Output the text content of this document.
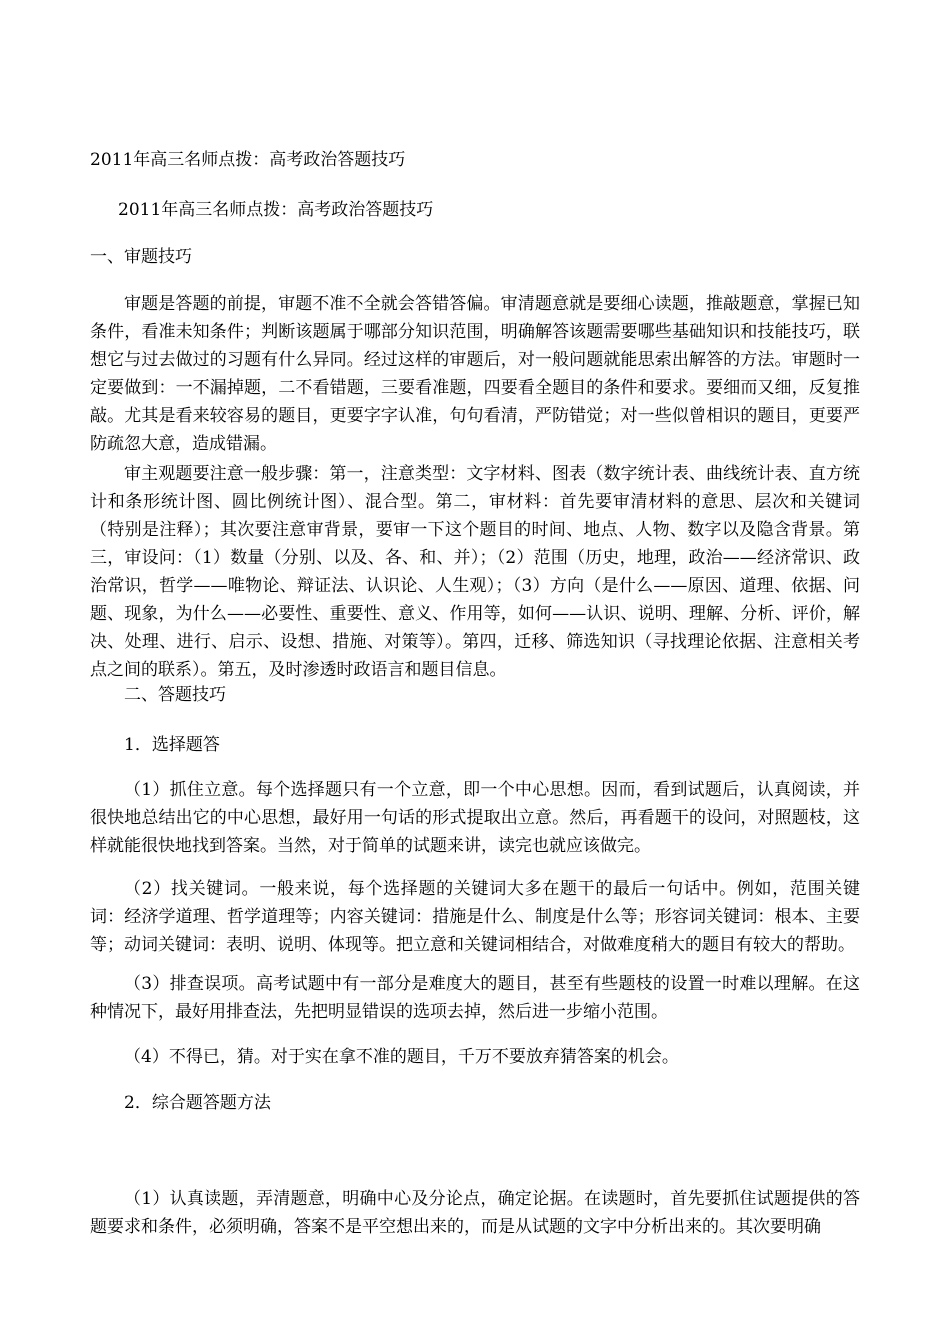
2011年高三名师点拨：高考政治答题技巧
2011年高三名师点拨：高考政治答题技巧
一、审题技巧
审题是答题的前提，审题不准不全就会答错答偏。审清题意就是要细心读题，推敲题意，掌握已知条件，看准未知条件；判断该题属于哪部分知识范围，明确解答该题需要哪些基础知识和技能技巧，联想它与过去做过的习题有什么异同。经过这样的审题后，对一般问题就能思索出解答的方法。审题时一定要做到：一不漏掉题，二不看错题，三要看准题，四要看全题目的条件和要求。要细而又细，反复推敲。尤其是看来较容易的题目，更要字字认准，句句看清，严防错觉；对一些似曾相识的题目，更要严防疏忽大意，造成错漏。
审主观题要注意一般步骤：第一，注意类型：文字材料、图表（数字统计表、曲线统计表、直方统计和条形统计图、圆比例统计图）、混合型。第二，审材料：首先要审清材料的意思、层次和关键词（特别是注释）；其次要注意审背景，要审一下这个题目的时间、地点、人物、数字以及隐含背景。第三，审设问：（1）数量（分别、以及、各、和、并）；（2）范围（历史，地理，政治——经济常识、政治常识，哲学——唯物论、辩证法、认识论、人生观）；（3）方向（是什么——原因、道理、依据、问题、现象，为什么——必要性、重要性、意义、作用等，如何——认识、说明、理解、分析、评价，解决、处理、进行、启示、设想、措施、对策等）。第四，迁移、筛选知识（寻找理论依据、注意相关考点之间的联系）。第五，及时渗透时政语言和题目信息。
二、答题技巧
1．选择题答
（1）抓住立意。每个选择题只有一个立意，即一个中心思想。因而，看到试题后，认真阅读，并很快地总结出它的中心思想，最好用一句话的形式提取出立意。然后，再看题干的设问，对照题枝，这样就能很快地找到答案。当然，对于简单的试题来讲，读完也就应该做完。
（2）找关键词。一般来说，每个选择题的关键词大多在题干的最后一句话中。例如，范围关键词：经济学道理、哲学道理等；内容关键词：措施是什么、制度是什么等；形容词关键词：根本、主要等；动词关键词：表明、说明、体现等。把立意和关键词相结合，对做难度稍大的题目有较大的帮助。
（3）排查误项。高考试题中有一部分是难度大的题目，甚至有些题枝的设置一时难以理解。在这种情况下，最好用排查法，先把明显错误的选项去掉，然后进一步缩小范围。
（4）不得已，猜。对于实在拿不准的题目，千万不要放弃猜答案的机会。
2．综合题答题方法
（1）认真读题，弄清题意，明确中心及分论点，确定论据。在读题时，首先要抓住试题提供的答题要求和条件，必须明确，答案不是平空想出来的，而是从试题的文字中分析出来的。其次要明确
